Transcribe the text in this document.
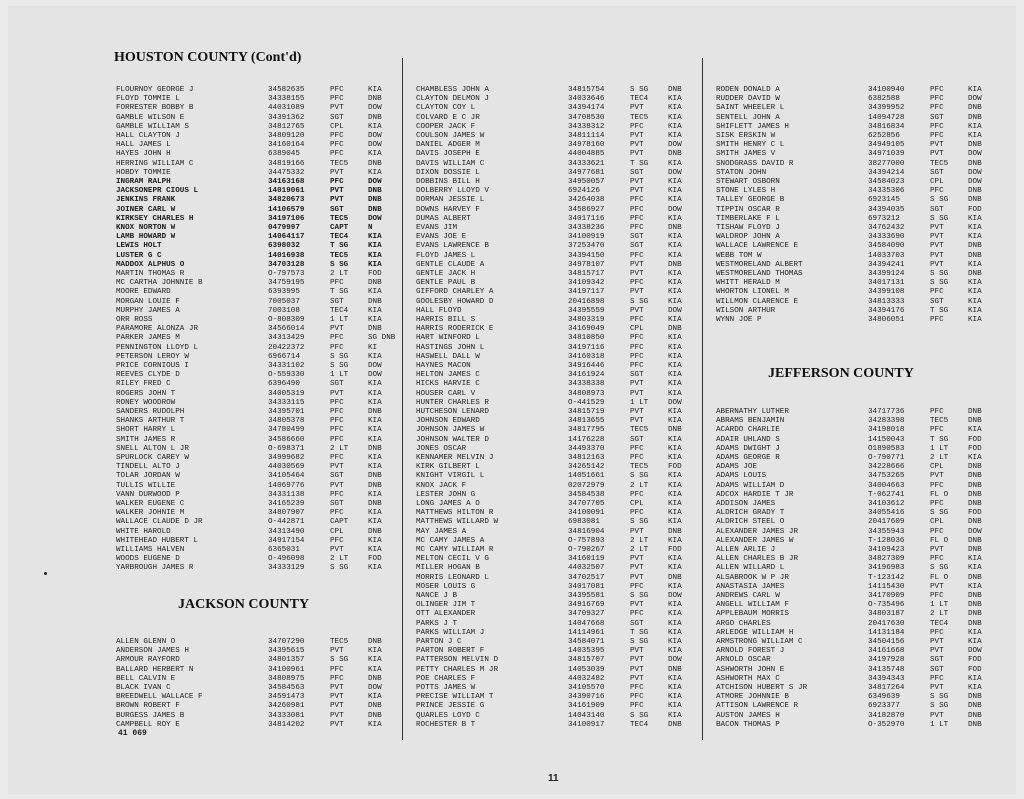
HOUSTON COUNTY (Cont'd)
JACKSON COUNTY
JEFFERSON COUNTY
FLOURNOY GEORGE J	34582635	PFC	KIA
FLOYD TOMMIE L	34338155	PFC	DNB
FORRESTER BOBBY B	44031089	PVT	DOW
GAMBLE WILSON E	34391362	SGT	DNB
GAMBLE WILLIAM S	34812765	CPL	KIA
HALL CLAYTON J	34809120	PFC	DOW
HALL JAMES L	34160164	PFC	DOW
HAYES JOHN H	6389045	PFC	KIA
HERRING WILLIAM C	34819166	TEC5	DNB
HOBDY TOMMIE	34475332	PVT	KIA
INGRAM RALPH	34163168	PFC	DOW
JACKSONEPR CIOUS L	14019061	PVT	DNB
JENKINS FRANK	34820673	PVT	DNB
JOINER CARL W	14106579	SGT	DNB
KIRKSEY CHARLES H	34197106	TEC5	DOW
KNOX NORTON W	0479997	CAPT	N
LAMB HOWARD W	14064117	TEC4	KIA
LEWIS HOLT	6398032	T SG	KIA
LUSTER G C	14016938	TEC5	KIA
MADDOX ALPHUS O	34703128	S SG	KIA
MARTIN THOMAS R	O-797573	2 LT	FOD
MC CARTHA JOHNNIE B	34759195	PFC	DNB
MOORE EDWARD	6393995	T SG	KIA
MORGAN LOUIE F	7005037	SGT	DNB
MURPHY JAMES A	7003108	TEC4	KIA
ORR ROSS	O-808309	1 LT	KIA
PARAMORE ALONZA JR	34566014	PVT	DNB
PARKER JAMES M	34313429	PFC	SG DNB
PENNINGTON LLOYD L	20422372	PFC	KI
PETERSON LEROY W	6966714	S SG	KIA
PRICE CORNIOUS I	34331102	S SG	DOW
REEVES CLYDE D	O-559330	1 LT	DOW
RILEY FRED C	6396490	SGT	KIA
ROGERS JOHN T	34005319	PVT	KIA
RONEY WOODROW	34333115	PFC	KIA
SANDERS RUDOLPH	34395701	PFC	DNB
SHANKS ARTHUR T	34805378	PFC	KIA
SHORT HARRY L	34780499	PFC	KIA
SMITH JAMES R	34586660	PFC	KIA
SNELL ALTON L JR	O-698371	2 LT	DNB
SPURLOCK CAREY W	34999682	PFC	KIA
TINDELL ALTO J	44030569	PVT	KIA
TOLAR JORDAN W	34105464	SGT	DNB
TULLIS WILLIE	14069776	PVT	DNB
VANN DURWOOD P	34331138	PFC	KIA
WALKER EUGENE C	34165239	SGT	DNB
WALKER JOHNIE M	34807907	PFC	KIA
WALLACE CLAUDE D JR	O-442871	CAPT	KIA
WHITE HAROLD	34313490	CPL	DNB
WHITEHEAD HUBERT L	34917154	PFC	KIA
WILLIAMS HALVEN	6365031	PVT	KIA
WOODS EUGENE D	O-496098	2 LT	FOD
YARBROUGH JAMES R	34333129	S SG	KIA
ALLEN GLENN O	34707290	TEC5	DNB
ANDERSON JAMES H	34395615	PVT	KIA
ARMOUR RAYFORD	34801357	S SG	KIA
BALLARD HERBERT N	34100961	PFC	KIA
BELL CALVIN E	34808975	PFC	DNB
BLACK IVAN C	34584563	PVT	DOW
BREEDWELL WALLACE F	34591473	PVT	KIA
BROWN ROBERT F	34260981	PVT	DNB
BURGESS JAMES B	34333081	PVT	DNB
CAMPBELL ROY E	34814202	PVT	KIA
CHAMBLESS JOHN A	34815754	S SG	DNB
CLAYTON DELMON J	34033646	TEC4	KIA
CLAYTON COY L	34394174	PVT	KIA
COLVARD E C JR	34708530	TEC5	KIA
COOPER JACK F	34338312	PFC	KIA
COULSON JAMES W	34811114	PVT	KIA
DANIEL ADGER M	34978160	PVT	DOW
DAVIS JOSEPH E	44004885	PVT	DNB
DAVIS WILLIAM C	34333621	T SG	KIA
DIXON DOSSIE L	34977681	SGT	DOW
DOBBINS BILL H	34950057	PVT	KIA
DOLBERRY LLOYD V	6924126	PVT	KIA
DORMAN JESSIE L	34264038	PFC	KIA
DOWNS HARVEY F	34586927	PFC	DOW
DUMAS ALBERT	34017116	PFC	KIA
EVANS JIM	34338236	PFC	DNB
EVANS JOE E	34100919	SGT	KIA
EVANS LAWRENCE B	37253470	SGT	KIA
FLOYD JAMES L	34394150	PFC	KIA
GENTLE CLAUDE A	34978107	PVT	DNB
GENTLE JACK H	34815717	PVT	KIA
GENTLE PAUL B	34109342	PFC	KIA
GIFFORD CHARLEY A	34197117	PVT	KIA
GOOLESBY HOWARD D	20416898	S SG	KIA
HALL FLOYD	34395559	PVT	DOW
HARRIS BILL S	34803319	PFC	KIA
HARRIS RODERICK E	34169049	CPL	DNB
HART WINFORD L	34810850	PFC	KIA
HASTINGS JOHN L	34197116	PFC	KIA
HASWELL DALL W	34160318	PFC	KIA
HAYNES MACON	34916446	PFC	KIA
HELTON JAMES C	34161924	SGT	KIA
HICKS HARVIE C	34338338	PVT	KIA
HOUSER CARL V	34808973	PVT	KIA
HUNTER CHARLES R	O-441529	1 LT	DOW
HUTCHESON LENARD	34815719	PVT	KIA
JOHNSON EDWARD	34813655	PVT	KIA
JOHNSON JAMES W	34817795	TEC5	DNB
JOHNSON WALTER D	14176228	SGT	KIA
JONES OSCAR	34493370	PFC	KIA
KENNAMER MELVIN J	34812163	PFC	KIA
KIRK GILBERT L	34265142	TEC5	FOD
KNIGHT VIRGIL L	14051661	S SG	KIA
KNOX JACK F	02072979	2 LT	KIA
LESTER JOHN G	34584538	PFC	KIA
LONG JAMES A O	34707705	CPL	KIA
MATTHEWS HILTON R	34100091	PFC	KIA
MATTHEWS WILLARD W	6983081	S SG	KIA
MAY JAMES A	34816904	PVT	DNB
MC CAMY JAMES A	O-757893	2 LT	KIA
MC CAMY WILLIAM R	O-790267	2 LT	FOD
MELTON CECIL V G	34160119	PVT	KIA
MILLER HOGAN B	44032507	PVT	KIA
MORRIS LEONARD L	34702517	PVT	DNB
MOSER LOUIS G	34017081	PFC	KIA
NANCE J B	34395581	S SG	DOW
OLINGER JIM T	34916769	PVT	KIA
OTT ALEXANDER	34709327	PFC	KIA
PARKS J T	14047668	SGT	KIA
PARKS WILLIAM J	14114961	T SG	KIA
PARTON J C	34584071	S SG	KIA
PARTON ROBERT F	14035395	PVT	KIA
PATTERSON MELVIN D	34815707	PVT	DOW
PETTY CHARLES M JR	14053039	PVT	DNB
POE CHARLES F	44032482	PVT	KIA
POTTS JAMES W	34105570	PFC	KIA
PRECISE WILLIAM T	34390716	PFC	KIA
PRINCE JESSIE G	34161909	PFC	KIA
QUARLES LOYD C	14043140	S SG	KIA
ROCHESTER B T	34100917	TEC4	DNB
RODEN DONALD A	34100940	PFC	KIA
RUDDER DAVID W	6382588	PFC	DOW
SAINT WHEELER L	34399952	PFC	DNB
SENTELL JOHN A	14094728	SGT	DNB
SHIFLETT JAMES H	34816834	PFC	KIA
SISK ERSKIN W	6252856	PFC	KIA
SMITH HENRY C L	34949105	PVT	DNB
SMITH JAMES V	34971039	PVT	DOW
SNODGRASS DAVID R	38277000	TEC5	DNB
STATON JOHN	34394214	SGT	DOW
STEWART OSBORN	34584023	CPL	DOW
STONE LYLES H	34335306	PFC	DNB
TALLEY GEORGE B	6923145	S SG	DNB
TIPPIN OSCAR R	34394035	SGT	FOD
TIMBERLAKE F L	6973212	S SG	KIA
TISHAW FLOYD J	34762432	PVT	KIA
WALDROP JOHN A	34333690	PVT	KIA
WALLACE LAWRENCE E	34584090	PVT	DNB
WEBB TOM W	14033703	PVT	DNB
WESTMORELAND ALBERT	34394241	PVT	KIA
WESTMORELAND THOMAS	34399124	S SG	DNB
WHITT HERALD M	34017131	S SG	KIA
WHORTON LIONEL M	34399108	PFC	KIA
WILLMON CLARENCE E	34813333	SGT	KIA
WILSON ARTHUR	34394176	T SG	KIA
WYNN JOE P	34806051	PFC	KIA
ABERNATHY LUTHER	34717736	PFC	DNB
ABRAMS BENJAMIN	34283398	TEC5	DNB
ACARDO CHARLIE	34198018	PFC	KIA
ADAIR UHLAND S	14150043	T SG	FOD
ADAMS DWIGHT J	O1890583	1 LT	FOD
ADAMS GEORGE R	O-790771	2 LT	KIA
ADAMS JOE	34228666	CPL	DNB
ADAMS LOUIS	34753265	PVT	DNB
ADAMS WILLIAM D	34004663	PFC	DNB
ADCOX HARDIE T JR	T-062741	FL O	DNB
ADDISON JAMES	34103612	PFC	DNB
ALDRICH GRADY T	34055416	S SG	FOD
ALDRICH STEEL O	20417609	CPL	DNB
ALEXANDER JAMES JR	34355943	PFC	DOW
ALEXANDER JAMES W	T-128036	FL O	DNB
ALLEN ARLIE J	34109423	PVT	DNB
ALLEN CHARLES B JR	34827309	PFC	KIA
ALLEN WILLARD L	34196983	S SG	KIA
ALSABROOK W P JR	T-123142	FL O	DNB
ANASTASIA JAMES	14115430	PVT	KIA
ANDREWS CARL W	34170909	PFC	DNB
ANGELL WILLIAM F	O-735496	1 LT	DNB
APPLEBAUM MORRIS	34803187	2 LT	DNB
ARGO CHARLES	20417630	TEC4	DNB
ARLEDGE WILLIAM H	14131184	PFC	KIA
ARMSTRONG WILLIAM C	34504156	PVT	KIA
ARNOLD FOREST J	34161668	PVT	DOW
ARNOLD OSCAR	34197928	SGT	FOD
ASHWORTH JOHN E	34135748	SGT	FOD
ASHWORTH MAX C	34394343	PFC	KIA
ATCHISON HUBERT S JR	34817264	PVT	KIA
ATMORE JOHNNIE B	6349639	S SG	DNB
ATTISON LAWRENCE R	6923377	S SG	DNB
AUSTON JAMES H	34182870	PVT	DNB
BACON THOMAS P	O-352970	1 LT	DNB
41 069
11
